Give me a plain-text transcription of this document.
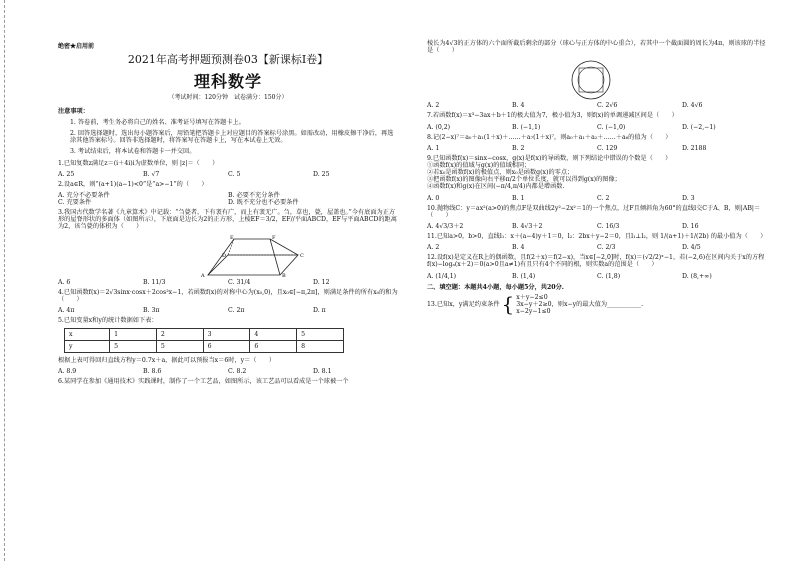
绝密★启用前
2021年高考押题预测卷03【新课标Ⅰ卷】
理科数学
（考试时间：120分钟　试卷满分：150分）
注意事项：
1. 答卷前，考生务必将自己的姓名、准考证号填写在答题卡上。
2. 回答选择题时，选出每小题答案后，用铅笔把答题卡上对应题目的答案标号涂黑。如需改动，用橡皮擦干净后，再选涂其他答案标号。回答非选择题时，将答案写在答题卡上，写在本试卷上无效。
3. 考试结束后，将本试卷和答题卡一并交回。
1.已知复数z满足z＝(i＋4i)i为虚数单位，则 |z|＝（　　）
A. 25	B. √7	C. 5	D. 25
2.设a∈R，则“(a+1)(a−1)<0”是“a>−1”的（　　）
A. 充分不必要条件	B. 必要不充分条件
C. 充要条件	D. 既不充分也不必要条件
3.我国古代数学名著《九章算术》中记载：“刍甍者，下有袤有广，而上有袤无广。刍，草也，甍，屋盖也。”今有底面为正方形的屋脊形状的多面体（如图所示），下底面是边长为2的正方形，上棱EF＝3/2，EF//平面ABCD，EF与平面ABCD的距离为2，该刍甍的体积为（　　）
E	F
A	B
C
D
A. 6	B. 11/3	C. 31/4	D. 12
4.已知函数f(x)＝2√3sinx·cosx＋2cos²x−1，若函数f(x)的对称中心为(x₀,0)，且x₀∈[−π,2π]，则满足条件的所有x₀的和为（　　）
A. 4π	B. 3π	C. 2π	D. π
5.已知变量x和y的统计数据如下表：
x	1	2	3	4	5
y	5	5	6	6	8
根据上表可得回归直线方程y＝0.7x＋a，据此可以预报当x＝6时，y＝（　　）
A. 8.9	B. 8.6	C. 8.2	D. 8.1
6.某同学在参加《通用技术》实践课时，制作了一个工艺品，如图所示，该工艺品可以看成是一个球被一个
棱长为4√3的正方体的六个面所截后剩余的部分（球心与正方体的中心重合），若其中一个截面圆的周长为4π，则该球的半径是（　　）
A. 2	B. 4	C. 2√6	D. 4√6
7.若函数f(x)＝x³−3ax＋b＋1的极大值为7，极小值为3，则f(x)的单调递减区间是（　　）
A. (0,2)	B. (−1,1)	C. (−1,0)	D. (−2,−1)
8.记(2−x)⁷＝a₀＋a₁(1＋x)＋……＋a₇(1＋x)⁷，则a₀＋a₁＋a₂＋……＋a₆的值为（　　）
A. 1	B. 2	C. 129	D. 2188
9.已知函数f(x)＝sinx−cosx，g(x)是f(x)的导函数，则下列结论中错误的个数是（　　）
①函数f(x)的值域与g(x)的值域相同；
②若x₀是函数f(x)的极值点，则x₀是函数g(x)的零点；
③把函数f(x)的图像向右平移π/2个单位长度，就可以得到g(x)的图像；
④函数f(x)和g(x)在区间(−π/4,π/4)内都是增函数.
A. 0	B. 1	C. 2	D. 3
10.抛物线C：y＝ax²(a>0)的焦点F是双曲线2y²−2x²＝1的一个焦点，过F且倾斜角为60°的直线l交C于A、B，则|AB|＝（　　）
A. 4√3/3＋2	B. 4√3＋2	C. 16/3	D. 16
11.已知a>0，b>0，直线l₁：x＋(a−4)y＋1＝0，l₂：2bx＋y−2＝0，且l₁⊥l₂，则 1/(a+1)＋1/(2b) 的最小值为（　　）
A. 2	B. 4	C. 2/3	D. 4/5
12.设f(x)是定义在R上的偶函数，且f(2＋x)＝f(2−x)，当x∈[−2,0]时，f(x)＝(√2/2)ˣ−1，若(−2,6)在区间内关于x的方程f(x)−logₐ(x＋2)＝0(a>0且a≠1)有且只有4个不同的根，则实数a的范围是（　　）
A. (1/4,1)	B. (1,4)	C. (1,8)	D. (8,+∞)
二、填空题：本题共4小题，每小题5分，共20分.
13.已知x，y满足约束条件 { x＋y−2≤0
3x−y＋2≥0
x−2y−1≤0
，则x−y的最大值为___________.
